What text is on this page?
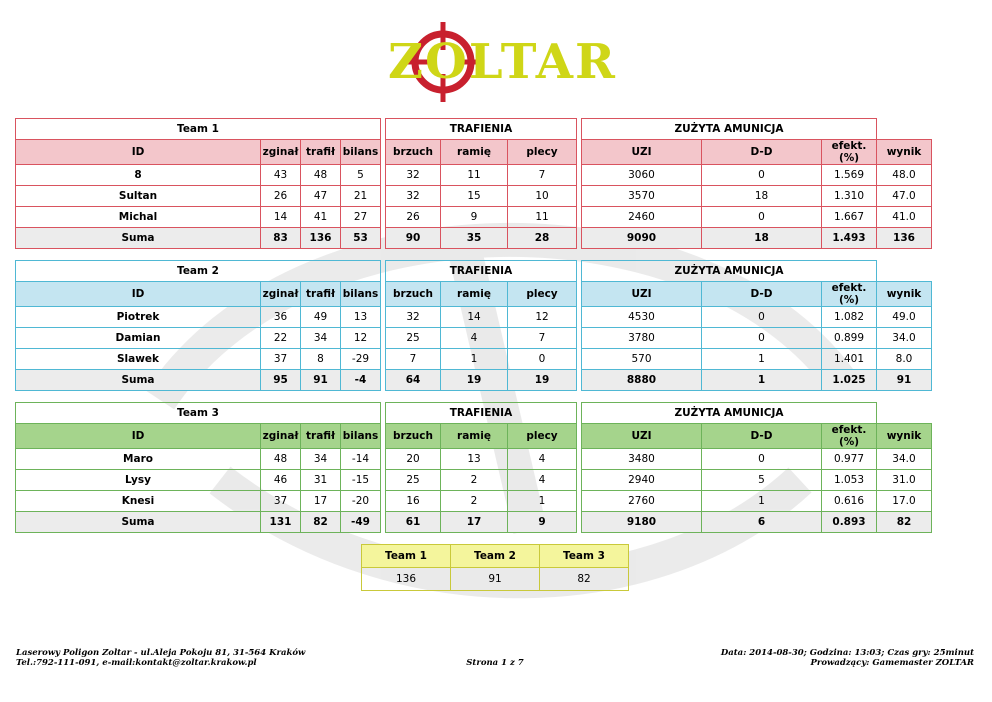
ZOLTAR
Team 1					TRAFIENIA				ZUŻYTA AMUNICJA			
ID	zginał	trafił	bilans		brzuch	ramię	plecy		UZI	D-D	efekt.(%)	wynik
8	43	48	5		32	11	7		3060	0	1.569	48.0
Sultan	26	47	21		32	15	10		3570	18	1.310	47.0
Michal	14	41	27		26	9	11		2460	0	1.667	41.0
Suma	83	136	53		90	35	28		9090	18	1.493	136
Team 2					TRAFIENIA				ZUŻYTA AMUNICJA			
ID	zginał	trafił	bilans		brzuch	ramię	plecy		UZI	D-D	efekt.(%)	wynik
Piotrek	36	49	13		32	14	12		4530	0	1.082	49.0
Damian	22	34	12		25	4	7		3780	0	0.899	34.0
Slawek	37	8	-29		7	1	0		570	1	1.401	8.0
Suma	95	91	-4		64	19	19		8880	1	1.025	91
Team 3					TRAFIENIA				ZUŻYTA AMUNICJA			
ID	zginał	trafił	bilans		brzuch	ramię	plecy		UZI	D-D	efekt.(%)	wynik
Maro	48	34	-14		20	13	4		3480	0	0.977	34.0
Lysy	46	31	-15		25	2	4		2940	5	1.053	31.0
Knesi	37	17	-20		16	2	1		2760	1	0.616	17.0
Suma	131	82	-49		61	17	9		9180	6	0.893	82
Team 1	Team 2	Team 3
136	91	82
Laserowy Poligon Zoltar - ul.Aleja Pokoju 81, 31-564 Kraków
Tel.:792-111-091, e-mail:kontakt@zoltar.krakow.pl	Strona 1 z 7
Data: 2014-08-30; Godzina: 13:03; Czas gry: 25minut
Prowadzący: Gamemaster ZOLTAR
